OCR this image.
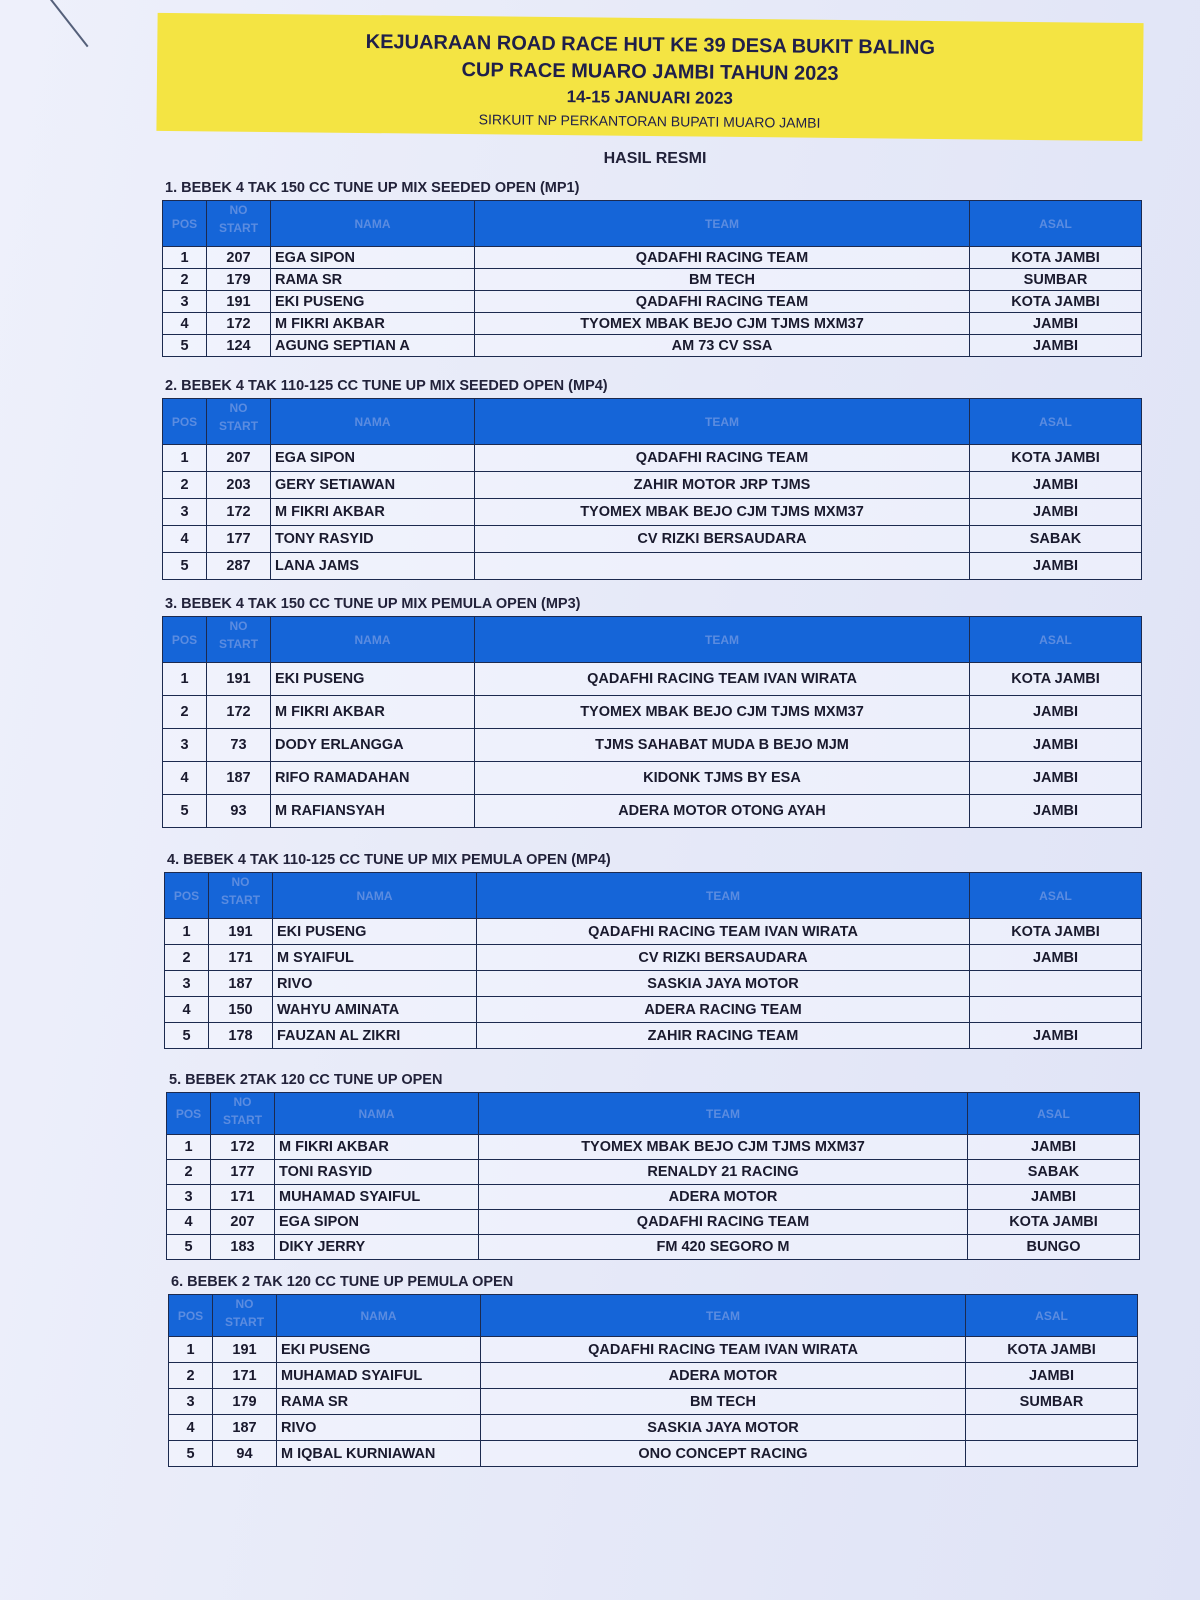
KEJUARAAN ROAD RACE HUT KE 39 DESA BUKIT BALING
CUP RACE MUARO JAMBI TAHUN 2023
14-15 JANUARI 2023
SIRKUIT NP PERKANTORAN BUPATI MUARO JAMBI
HASIL RESMI
1. BEBEK 4 TAK 150 CC TUNE UP MIX SEEDED OPEN (MP1)
POS	NO
START	NAMA	TEAM	ASAL
1	207	EGA SIPON	QADAFHI RACING TEAM	KOTA JAMBI
2	179	RAMA SR	BM TECH	SUMBAR
3	191	EKI PUSENG	QADAFHI RACING TEAM	KOTA JAMBI
4	172	M FIKRI AKBAR	TYOMEX MBAK BEJO CJM TJMS MXM37	JAMBI
5	124	AGUNG SEPTIAN A	AM 73 CV SSA	JAMBI
2. BEBEK 4 TAK 110-125 CC TUNE UP MIX SEEDED OPEN (MP4)
POS	NO
START	NAMA	TEAM	ASAL
1	207	EGA SIPON	QADAFHI RACING TEAM	KOTA JAMBI
2	203	GERY SETIAWAN	ZAHIR MOTOR JRP TJMS	JAMBI
3	172	M FIKRI AKBAR	TYOMEX MBAK BEJO CJM TJMS MXM37	JAMBI
4	177	TONY RASYID	CV RIZKI BERSAUDARA	SABAK
5	287	LANA JAMS		JAMBI
3. BEBEK 4 TAK 150 CC TUNE UP MIX PEMULA OPEN (MP3)
POS	NO
START	NAMA	TEAM	ASAL
1	191	EKI PUSENG	QADAFHI RACING TEAM IVAN WIRATA	KOTA JAMBI
2	172	M FIKRI AKBAR	TYOMEX MBAK BEJO CJM TJMS MXM37	JAMBI
3	73	DODY ERLANGGA	TJMS SAHABAT MUDA B BEJO MJM	JAMBI
4	187	RIFO RAMADAHAN	KIDONK TJMS BY ESA	JAMBI
5	93	M RAFIANSYAH	ADERA MOTOR OTONG AYAH	JAMBI
4. BEBEK 4 TAK 110-125 CC TUNE UP MIX PEMULA OPEN (MP4)
POS	NO
START	NAMA	TEAM	ASAL
1	191	EKI PUSENG	QADAFHI RACING TEAM IVAN WIRATA	KOTA JAMBI
2	171	M SYAIFUL	CV RIZKI BERSAUDARA	JAMBI
3	187	RIVO	SASKIA JAYA MOTOR	
4	150	WAHYU AMINATA	ADERA RACING TEAM	
5	178	FAUZAN AL ZIKRI	ZAHIR RACING TEAM	JAMBI
5. BEBEK 2TAK 120 CC TUNE UP OPEN
POS	NO
START	NAMA	TEAM	ASAL
1	172	M FIKRI AKBAR	TYOMEX MBAK BEJO CJM TJMS MXM37	JAMBI
2	177	TONI RASYID	RENALDY 21 RACING	SABAK
3	171	MUHAMAD SYAIFUL	ADERA MOTOR	JAMBI
4	207	EGA SIPON	QADAFHI RACING TEAM	KOTA JAMBI
5	183	DIKY JERRY	FM 420 SEGORO M	BUNGO
6. BEBEK 2 TAK 120 CC TUNE UP PEMULA OPEN
POS	NO
START	NAMA	TEAM	ASAL
1	191	EKI PUSENG	QADAFHI RACING TEAM IVAN WIRATA	KOTA JAMBI
2	171	MUHAMAD SYAIFUL	ADERA MOTOR	JAMBI
3	179	RAMA SR	BM TECH	SUMBAR
4	187	RIVO	SASKIA JAYA MOTOR	
5	94	M IQBAL KURNIAWAN	ONO CONCEPT RACING	
